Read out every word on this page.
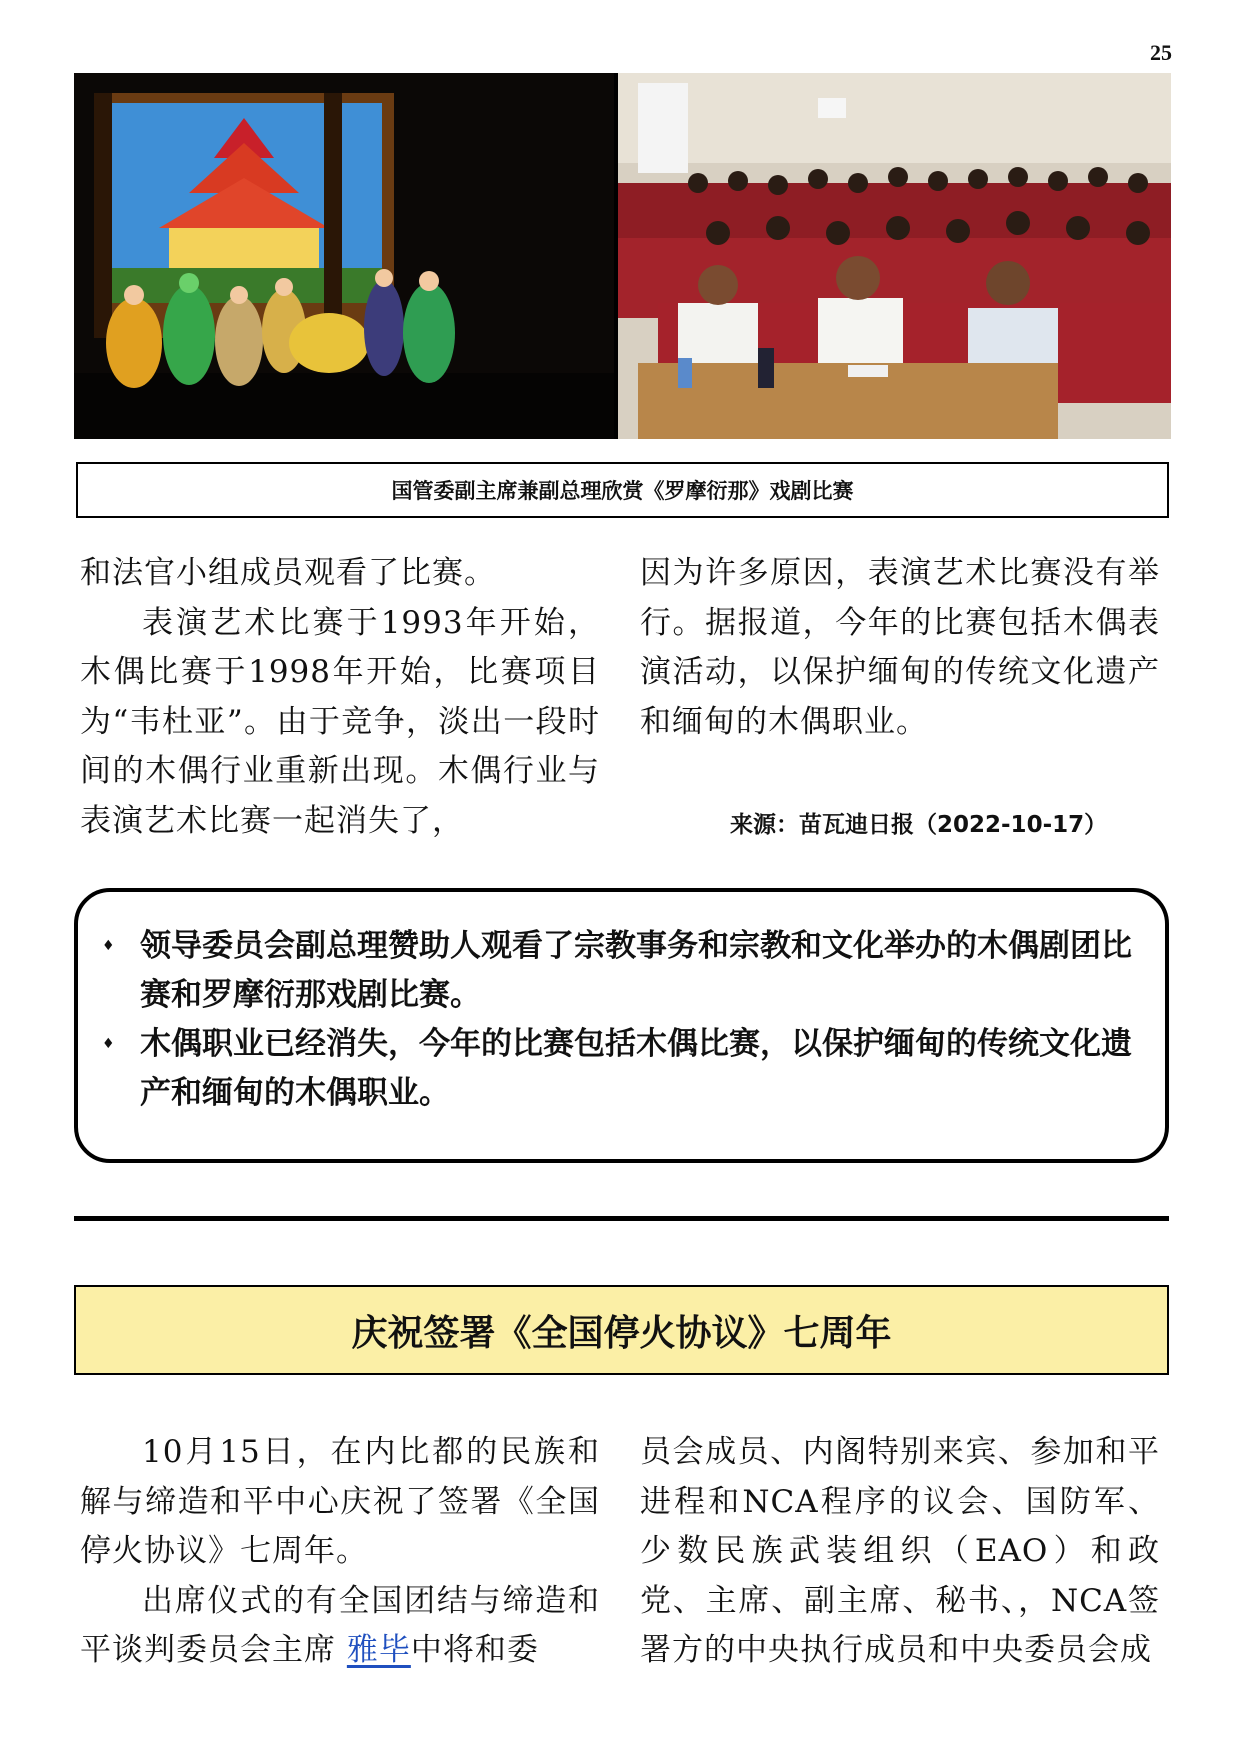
25
国管委副主席兼副总理欣赏《罗摩衍那》戏剧比赛

和法官小组成员观看了比赛。

表演艺术比赛于1993年开始，木偶比赛于1998年开始，比赛项目为“韦杜亚”。由于竞争，淡出一段时间的木偶行业重新出现。木偶行业与表演艺术比赛一起消失了，

因为许多原因，表演艺术比赛没有举行。据报道，今年的比赛包括木偶表演活动，以保护缅甸的传统文化遗产和缅甸的木偶职业。

来源：苗瓦迪日报（2022-10-17）
♦ 领导委员会副总理赞助人观看了宗教事务和宗教和文化举办的木偶剧团比赛和罗摩衍那戏剧比赛。
♦ 木偶职业已经消失，今年的比赛包括木偶比赛，以保护缅甸的传统文化遗产和缅甸的木偶职业。
庆祝签署《全国停火协议》七周年

10月15日，在内比都的民族和解与缔造和平中心庆祝了签署《全国停火协议》七周年。

出席仪式的有全国团结与缔造和平谈判委员会主席 雅毕中将和委

员会成员、内阁特别来宾、参加和平进程和NCA程序的议会、国防军、少数民族武装组织（EAO）和政党、主席、副主席、秘书、，NCA签署方的中央执行成员和中央委员会成
